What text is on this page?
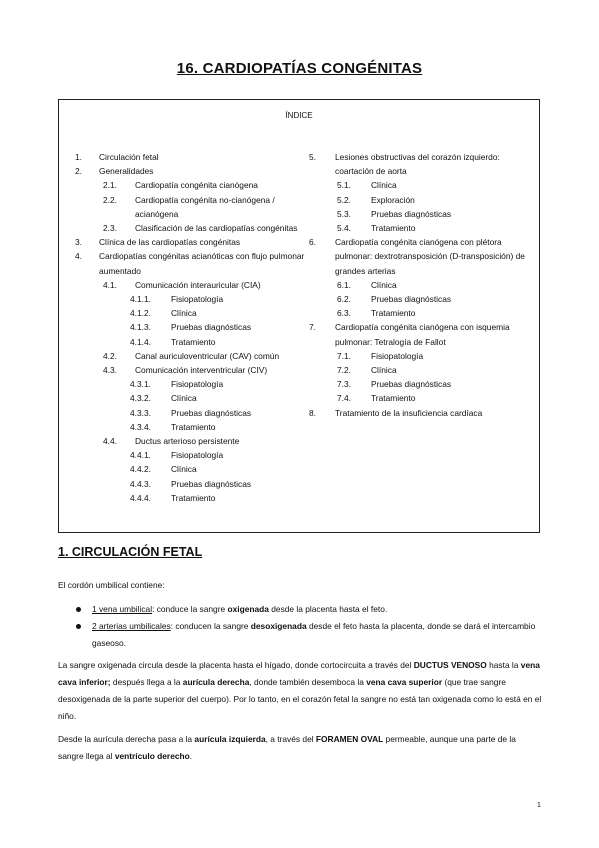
16. CARDIOPATÍAS CONGÉNITAS
ÍNDICE
1.	Circulación fetal
2.	Generalidades
2.1.	Cardiopatía congénita cianógena
2.2.	Cardiopatía congénita no-cianógena / acianógena
2.3.	Clasificación de las cardiopatías congénitas
3.	Clínica de las cardiopatías congénitas
4.	Cardiopatías congénitas acianóticas con flujo pulmonar aumentado
4.1.	Comunicación interauricular (CIA)
4.1.1.	Fisiopatología
4.1.2.	Clínica
4.1.3.	Pruebas diagnósticas
4.1.4.	Tratamiento
4.2.	Canal auriculoventricular (CAV) común
4.3.	Comunicación interventricular (CIV)
4.3.1.	Fisiopatología
4.3.2.	Clínica
4.3.3.	Pruebas diagnósticas
4.3.4.	Tratamiento
4.4.	Ductus arterioso persistente
4.4.1.	Fisiopatología
4.4.2.	Clínica
4.4.3.	Pruebas diagnósticas
4.4.4.	Tratamiento
5.	Lesiones obstructivas del corazón izquierdo: coartación de aorta
5.1.	Clínica
5.2.	Exploración
5.3.	Pruebas diagnósticas
5.4.	Tratamiento
6.	Cardiopatía congénita cianógena con plétora pulmonar: dextrotransposición (D-transposición) de grandes arterias
6.1.	Clínica
6.2.	Pruebas diagnósticas
6.3.	Tratamiento
7.	Cardiopatía congénita cianógena con isquemia pulmonar: Tetralogía de Fallot
7.1.	Fisiopatología
7.2.	Clínica
7.3.	Pruebas diagnósticas
7.4.	Tratamiento
8.	Tratamiento de la insuficiencia cardíaca
1. CIRCULACIÓN FETAL
El cordón umbilical contiene:
1 vena umbilical: conduce la sangre oxigenada desde la placenta hasta el feto.
2 arterias umbilicales: conducen la sangre desoxigenada desde el feto hasta la placenta, donde se dará el intercambio gaseoso.
La sangre oxigenada circula desde la placenta hasta el hígado, donde cortocircuita a través del DUCTUS VENOSO hasta la vena cava inferior; después llega a la aurícula derecha, donde también desemboca la vena cava superior (que trae sangre desoxigenada de la parte superior del cuerpo). Por lo tanto, en el corazón fetal la sangre no está tan oxigenada como lo está en el niño.
Desde la aurícula derecha pasa a la aurícula izquierda, a través del FORAMEN OVAL permeable, aunque una parte de la sangre llega al ventrículo derecho.
1
